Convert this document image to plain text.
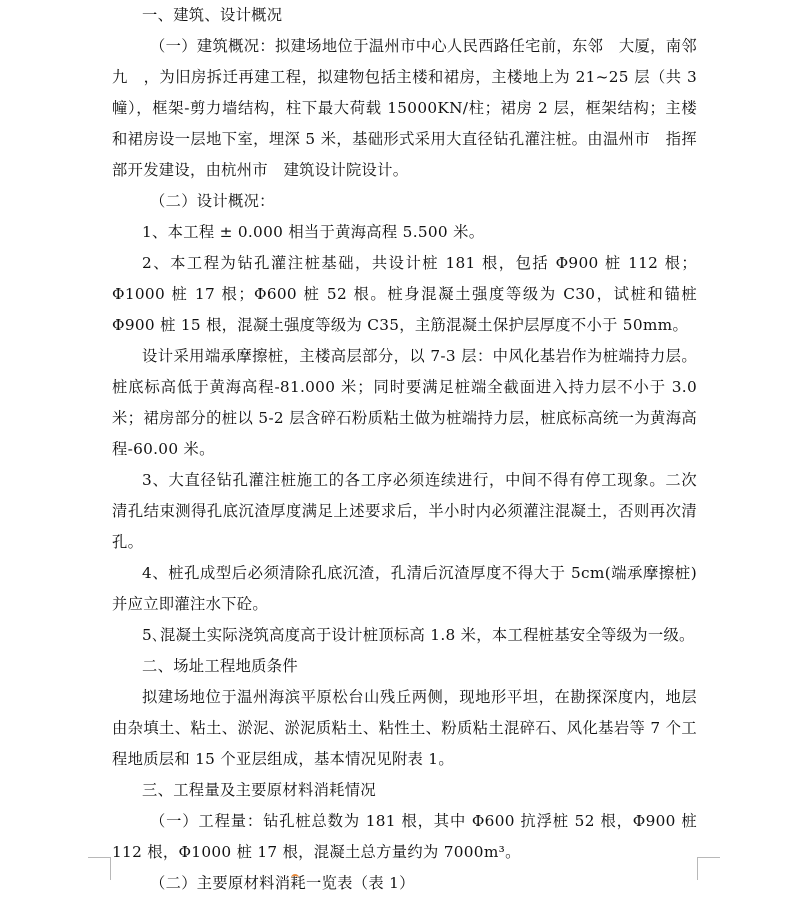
一、建筑、设计概况

（一）建筑概况：拟建场地位于温州市中心人民西路任宅前，东邻　大厦，南邻九　，为旧房拆迁再建工程，拟建物包括主楼和裙房，主楼地上为 21~25 层（共 3 幢），框架-剪力墙结构，柱下最大荷载 15000KN/柱；裙房 2 层，框架结构；主楼和裙房设一层地下室，埋深 5 米，基础形式采用大直径钻孔灌注桩。由温州市　指挥部开发建设，由杭州市　建筑设计院设计。

（二）设计概况：

1、本工程 ± 0.000 相当于黄海高程 5.500 米。

2、本工程为钻孔灌注桩基础，共设计桩 181 根，包括 Φ900 桩 112 根；Φ1000 桩 17 根；Φ600 桩 52 根。桩身混凝土强度等级为 C30，试桩和锚桩 Φ900 桩 15 根，混凝土强度等级为 C35，主筋混凝土保护层厚度不小于 50mm。

设计采用端承摩擦桩，主楼高层部分，以 7-3 层：中风化基岩作为桩端持力层。桩底标高低于黄海高程-81.000 米；同时要满足桩端全截面进入持力层不小于 3.0 米；裙房部分的桩以 5-2 层含碎石粉质粘土做为桩端持力层，桩底标高统一为黄海高程-60.00 米。

3、大直径钻孔灌注桩施工的各工序必须连续进行，中间不得有停工现象。二次清孔结束测得孔底沉渣厚度满足上述要求后，半小时内必须灌注混凝土，否则再次清孔。

4、桩孔成型后必须清除孔底沉渣，孔清后沉渣厚度不得大于 5cm(端承摩擦桩)并应立即灌注水下砼。

5､混凝土实际浇筑高度高于设计桩顶标高 1.8 米，本工程桩基安全等级为一级。

二、场址工程地质条件

拟建场地位于温州海滨平原松台山残丘两侧，现地形平坦，在勘探深度内，地层由杂填土、粘土、淤泥、淤泥质粘土、粘性土、粉质粘土混碎石、风化基岩等 7 个工程地质层和 15 个亚层组成，基本情况见附表 1。

三、工程量及主要原材料消耗情况

（一）工程量：钻孔桩总数为 181 根，其中 Φ600 抗浮桩 52 根，Φ900 桩 112 根，Φ1000 桩 17 根，混凝土总方量约为 7000m³。

（二）主要原材料消耗一览表（表 1）
